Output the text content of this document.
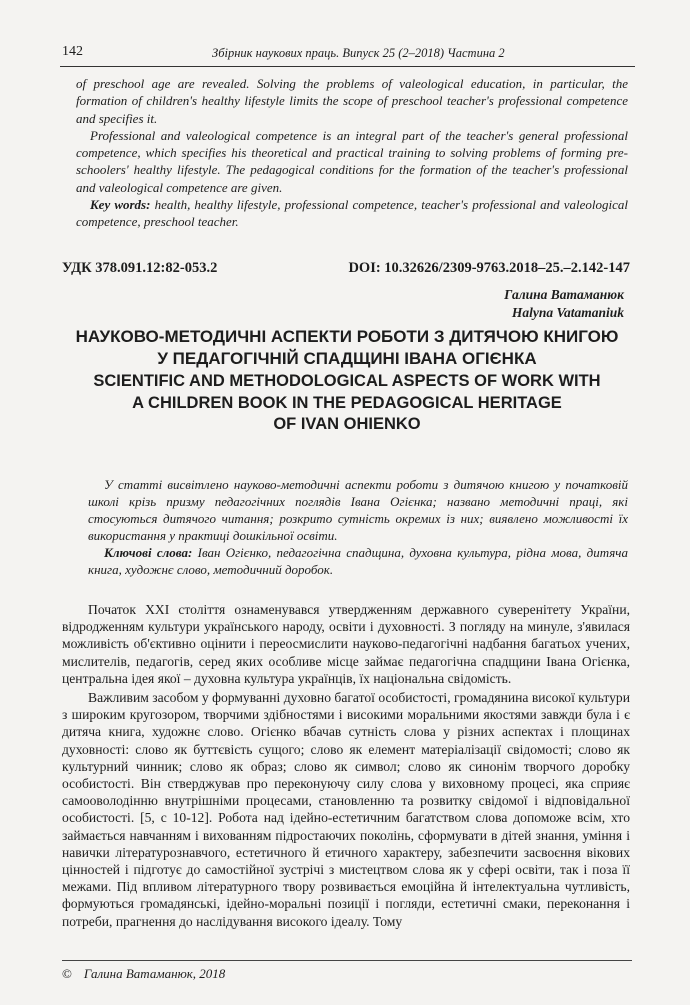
142	Збірник наукових праць. Випуск 25 (2–2018) Частина 2

of preschool age are revealed. Solving the problems of valeological education, in particular, the formation of children's healthy lifestyle limits the scope of preschool teacher's professional competence and specifies it.

Professional and valeological competence is an integral part of the teacher's general professional competence, which specifies his theoretical and practical training to solving problems of forming pre-schoolers' healthy lifestyle. The pedagogical conditions for the formation of the teacher's professional and valeological competence are given.

Key words: health, healthy lifestyle, professional competence, teacher's professional and valeological competence, preschool teacher.

УДК 378.091.12:82-053.2	DOI: 10.32626/2309-9763.2018–25.–2.142-147
Галина Ватаманюк
Halyna Vatamaniuk
НАУКОВО-МЕТОДИЧНІ АСПЕКТИ РОБОТИ З ДИТЯЧОЮ КНИГОЮ
У ПЕДАГОГІЧНІЙ СПАДЩИНІ ІВАНА ОГІЄНКА
SCIENTIFIC AND METHODOLOGICAL ASPECTS OF WORK WITH
A CHILDREN BOOK IN THE PEDAGOGICAL HERITAGE
OF IVAN OHIENKO

У статті висвітлено науково-методичні аспекти роботи з дитячою книгою у початковій школі крізь призму педагогічних поглядів Івана Огієнка; названо методичні праці, які стосуються дитячого читання; розкрито сутність окремих із них; виявлено можливості їх використання у практиці дошкільної освіти.

Ключові слова: Іван Огієнко, педагогічна спадщина, духовна культура, рідна мова, дитяча книга, художнє слово, методичний доробок.

Початок XXI століття ознаменувався утвердженням державного суверенітету України, відродженням культури українського народу, освіти і духовності. З погляду на минуле, з'явилася можливість об'єктивно оцінити і переосмислити науково-педагогічні надбання багатьох учених, мислителів, педагогів, серед яких особливе місце займає педагогічна спадщини Івана Огієнка, центральна ідея якої – духовна культура українців, їх національна свідомість.

Важливим засобом у формуванні духовно багатої особистості, громадянина високої культури з широким кругозором, творчими здібностями і високими моральними якостями завжди була і є дитяча книга, художнє слово. Огієнко вбачав сутність слова у різних аспектах і площинах духовності: слово як буттєвість сущого; слово як елемент матеріалізації свідомості; слово як культурний чинник; слово як образ; слово як символ; слово як синонім творчого доробку особистості. Він стверджував про переконуючу силу слова у виховному процесі, яка сприяє самооволодінню внутрішніми процесами, становленню та розвитку свідомої і відповідальної особистості. [5, с 10-12]. Робота над ідейно-естетичним багатством слова допоможе всім, хто займається навчанням і вихованням підростаючих поколінь, сформувати в дітей знання, уміння і навички літературознавчого, естетичного й етичного характеру, забезпечити засвоєння вікових цінностей і підготує до самостійної зустрічі з мистецтвом слова як у сфері освіти, так і поза її межами. Під впливом літературного твору розвивається емоційна й інтелектуальна чутливість, формуються громадянські, ідейно-моральні позиції і погляди, естетичні смаки, переконання і потреби, прагнення до наслідування високого ідеалу. Тому

© Галина Ватаманюк, 2018
